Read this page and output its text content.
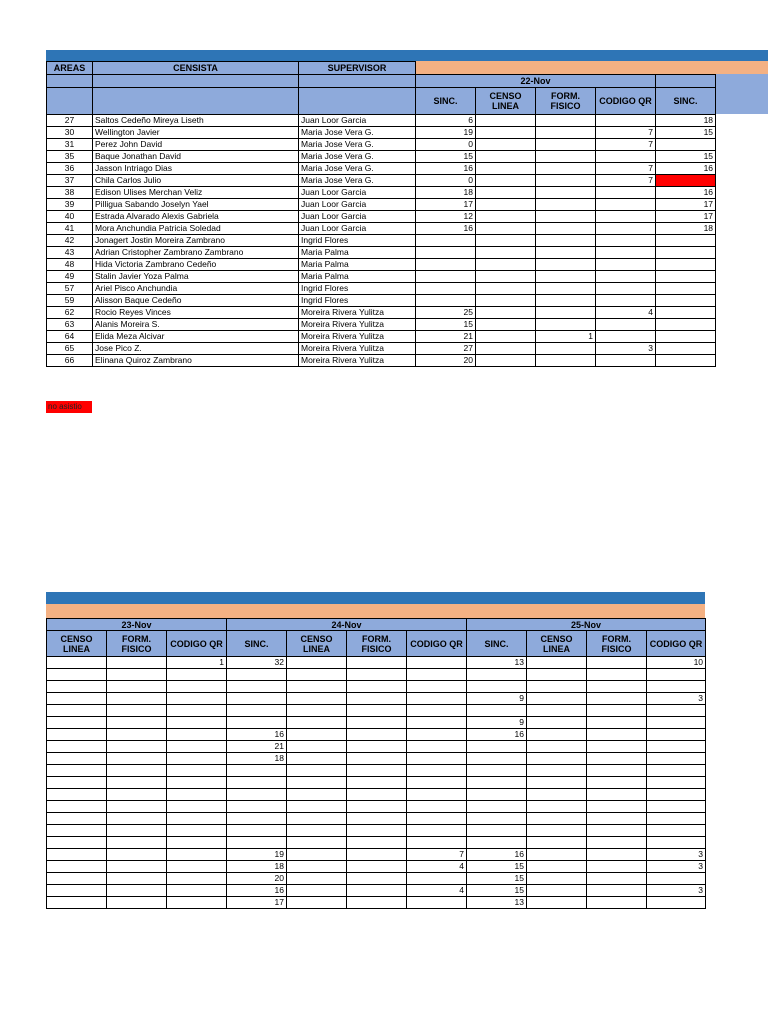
AREAS	CENSISTA	SUPERVISOR					
			22-Nov				
			SINC.	CENSO LINEA	FORM. FISICO	CODIGO QR	SINC.
27	Saltos Cedeño Mireya Liseth	Juan Loor Garcia	6				18
30	Wellington Javier	Maria Jose Vera G.	19			7	15
31	Perez John David	Maria Jose Vera G.	0			7	
35	Baque Jonathan David	Maria Jose Vera G.	15				15
36	Jasson Intriago Dias	Maria Jose Vera G.	16			7	16
37	Chila Carlos Julio	Maria Jose Vera G.	0			7	
38	Edison Ulises Merchan Veliz	Juan Loor Garcia	18				16
39	Pilligua Sabando Joselyn Yael	Juan Loor Garcia	17				17
40	Estrada Alvarado Alexis Gabriela	Juan Loor Garcia	12				17
41	Mora Anchundia Patricia Soledad	Juan Loor Garcia	16				18
42	Jonagert Jostin Moreira Zambrano	Ingrid Flores					
43	Adrian Cristopher Zambrano Zambrano	Maria Palma					
48	Hida Victoria Zambrano Cedeño	Maria Palma					
49	Stalin Javier Yoza Palma	Maria Palma					
57	Ariel Pisco Anchundia	Ingrid Flores					
59	Alisson Baque Cedeño	Ingrid Flores					
62	Rocio Reyes Vinces	Moreira Rivera Yulitza	25			4	
63	Alanis Moreira S.	Moreira Rivera Yulitza	15				
64	Elida Meza Alcivar	Moreira Rivera Yulitza	21		1		
65	Jose Pico Z.	Moreira Rivera Yulitza	27			3	
66	Elinana Quiroz Zambrano	Moreira Rivera Yulitza	20				
no asistio
23-Nov			24-Nov				25-Nov			
CENSO LINEA	FORM. FISICO	CODIGO QR	SINC.	CENSO LINEA	FORM. FISICO	CODIGO QR	SINC.	CENSO LINEA	FORM. FISICO	CODIGO QR
		1	32				13			10

							9			3

							9			
			16				16			
			21							
			18							

			19			7	16			3
			18			4	15			3
			20				15			
			16			4	15			3
			17				13			
